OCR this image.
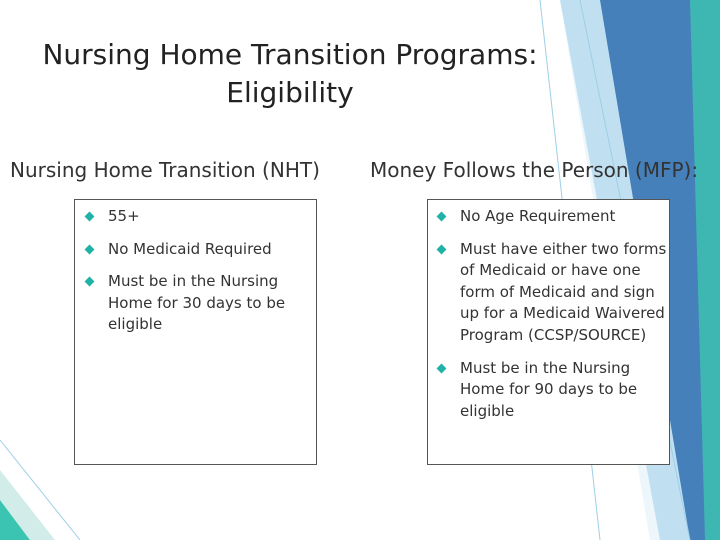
Nursing Home Transition Programs:
Eligibility
Nursing Home Transition (NHT)	Money Follows the Person (MFP):
55+
No Medicaid Required
Must be in the Nursing Home for 30 days to be eligible
No Age Requirement
Must have either two forms of Medicaid or have one form of Medicaid and sign up for a Medicaid Waivered Program (CCSP/SOURCE)
Must be in the Nursing Home for 90 days to be eligible
